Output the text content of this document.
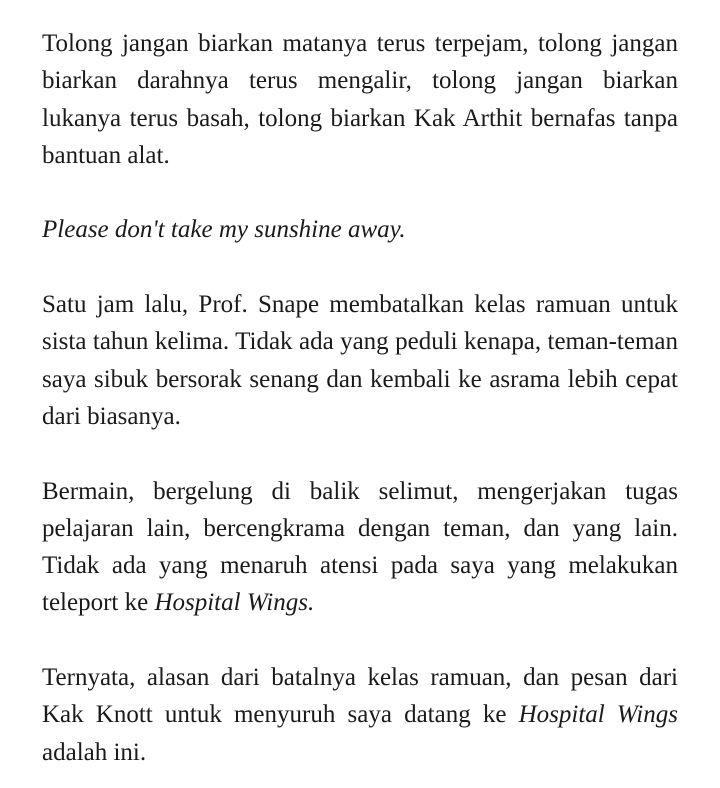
Tolong jangan biarkan matanya terus terpejam, tolong jangan biarkan darahnya terus mengalir, tolong jangan biarkan lukanya terus basah, tolong biarkan Kak Arthit bernafas tanpa bantuan alat.

Please don't take my sunshine away.

Satu jam lalu, Prof. Snape membatalkan kelas ramuan untuk sista tahun kelima. Tidak ada yang peduli kenapa, teman-teman saya sibuk bersorak senang dan kembali ke asrama lebih cepat dari biasanya.

Bermain, bergelung di balik selimut, mengerjakan tugas pelajaran lain, bercengkrama dengan teman, dan yang lain. Tidak ada yang menaruh atensi pada saya yang melakukan teleport ke Hospital Wings.

Ternyata, alasan dari batalnya kelas ramuan, dan pesan dari Kak Knott untuk menyuruh saya datang ke Hospital Wings adalah ini.
